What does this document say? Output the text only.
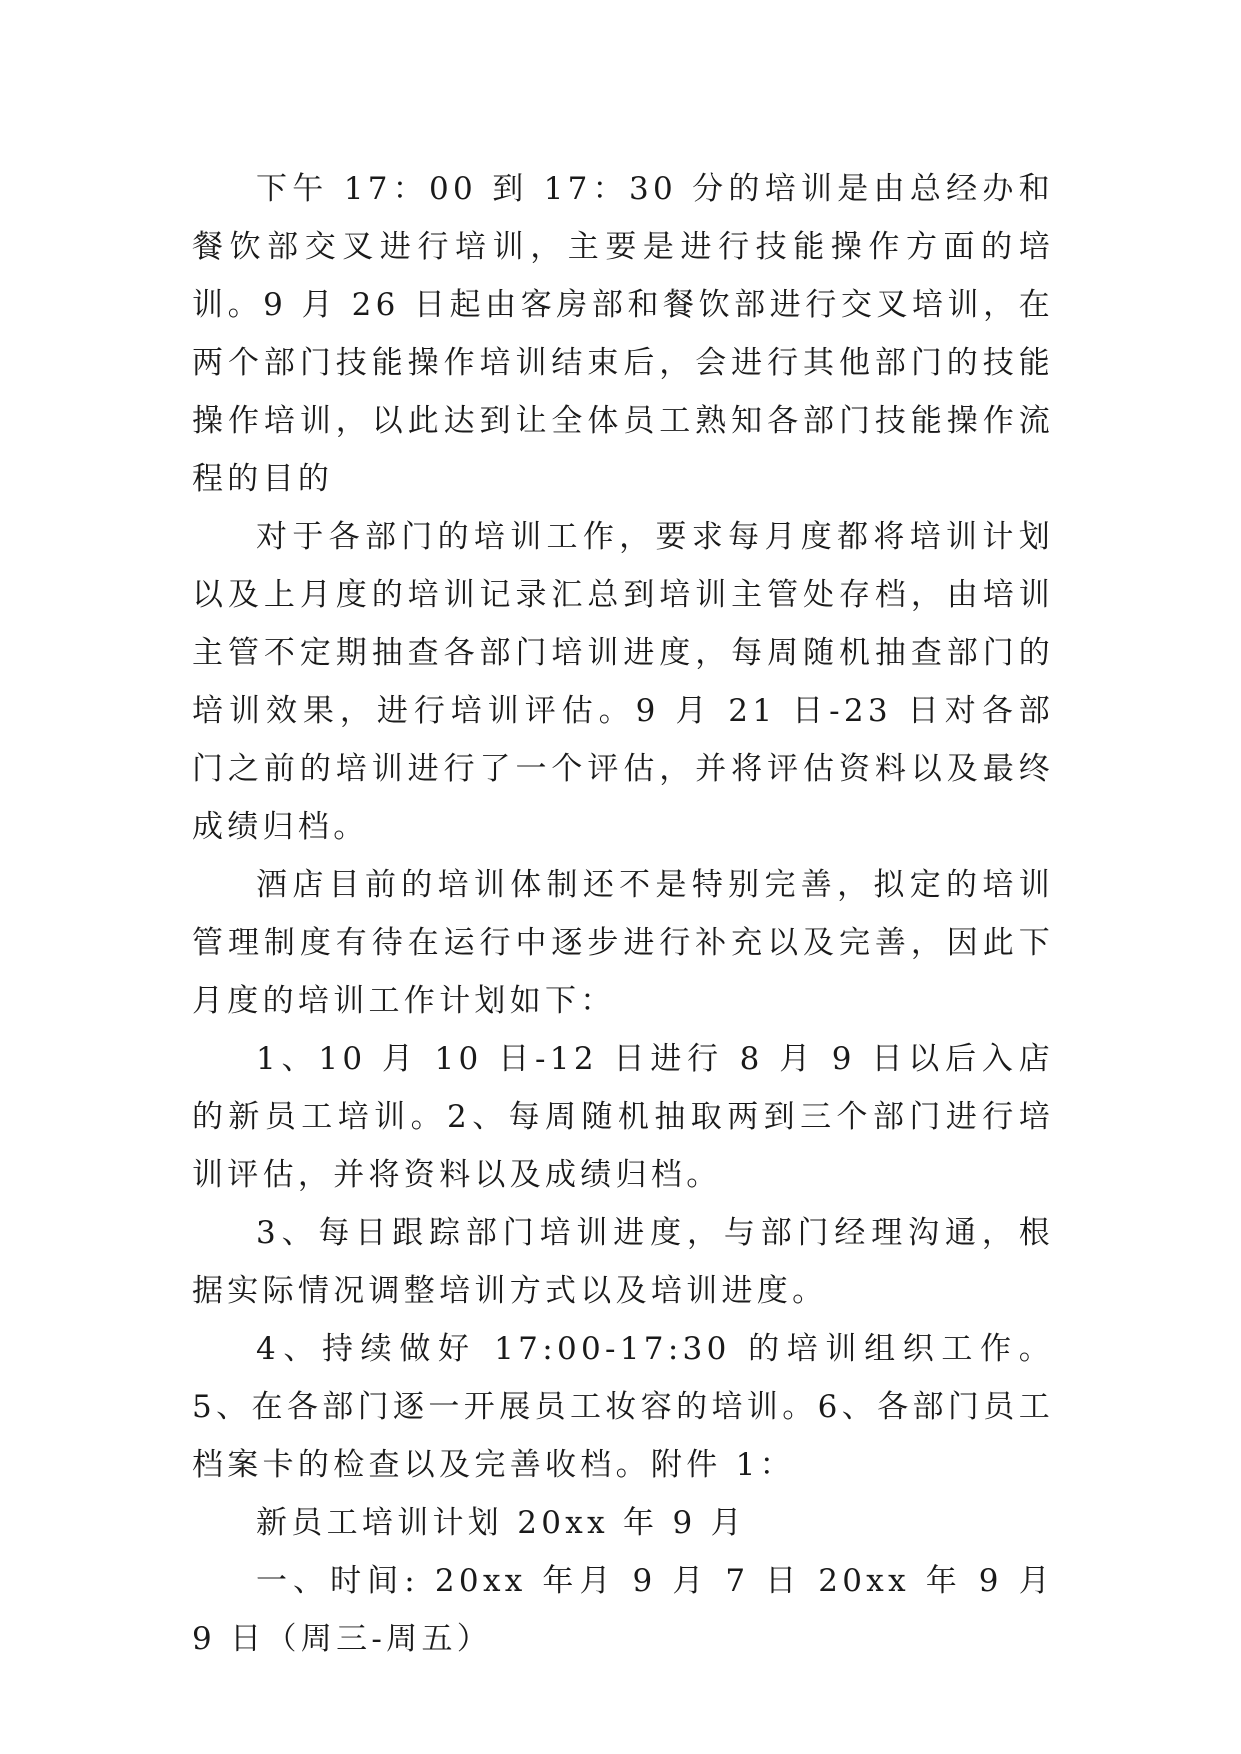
下午 17：00 到 17：30 分的培训是由总经办和餐饮部交叉进行培训，主要是进行技能操作方面的培训。9 月 26 日起由客房部和餐饮部进行交叉培训，在两个部门技能操作培训结束后，会进行其他部门的技能操作培训，以此达到让全体员工熟知各部门技能操作流程的目的

对于各部门的培训工作，要求每月度都将培训计划以及上月度的培训记录汇总到培训主管处存档，由培训主管不定期抽查各部门培训进度，每周随机抽查部门的培训效果，进行培训评估。9 月 21 日-23 日对各部门之前的培训进行了一个评估，并将评估资料以及最终成绩归档。

酒店目前的培训体制还不是特别完善，拟定的培训管理制度有待在运行中逐步进行补充以及完善，因此下月度的培训工作计划如下：

1、10 月 10 日-12 日进行 8 月 9 日以后入店的新员工培训。2、每周随机抽取两到三个部门进行培训评估，并将资料以及成绩归档。

3、每日跟踪部门培训进度，与部门经理沟通，根据实际情况调整培训方式以及培训进度。

4、持续做好 17:00-17:30 的培训组织工作。5、在各部门逐一开展员工妆容的培训。6、各部门员工档案卡的检查以及完善收档。附件 1：

新员工培训计划 20xx 年 9 月

一、时间: 20xx 年月 9 月 7 日 20xx 年 9 月 9 日（周三-周五）
